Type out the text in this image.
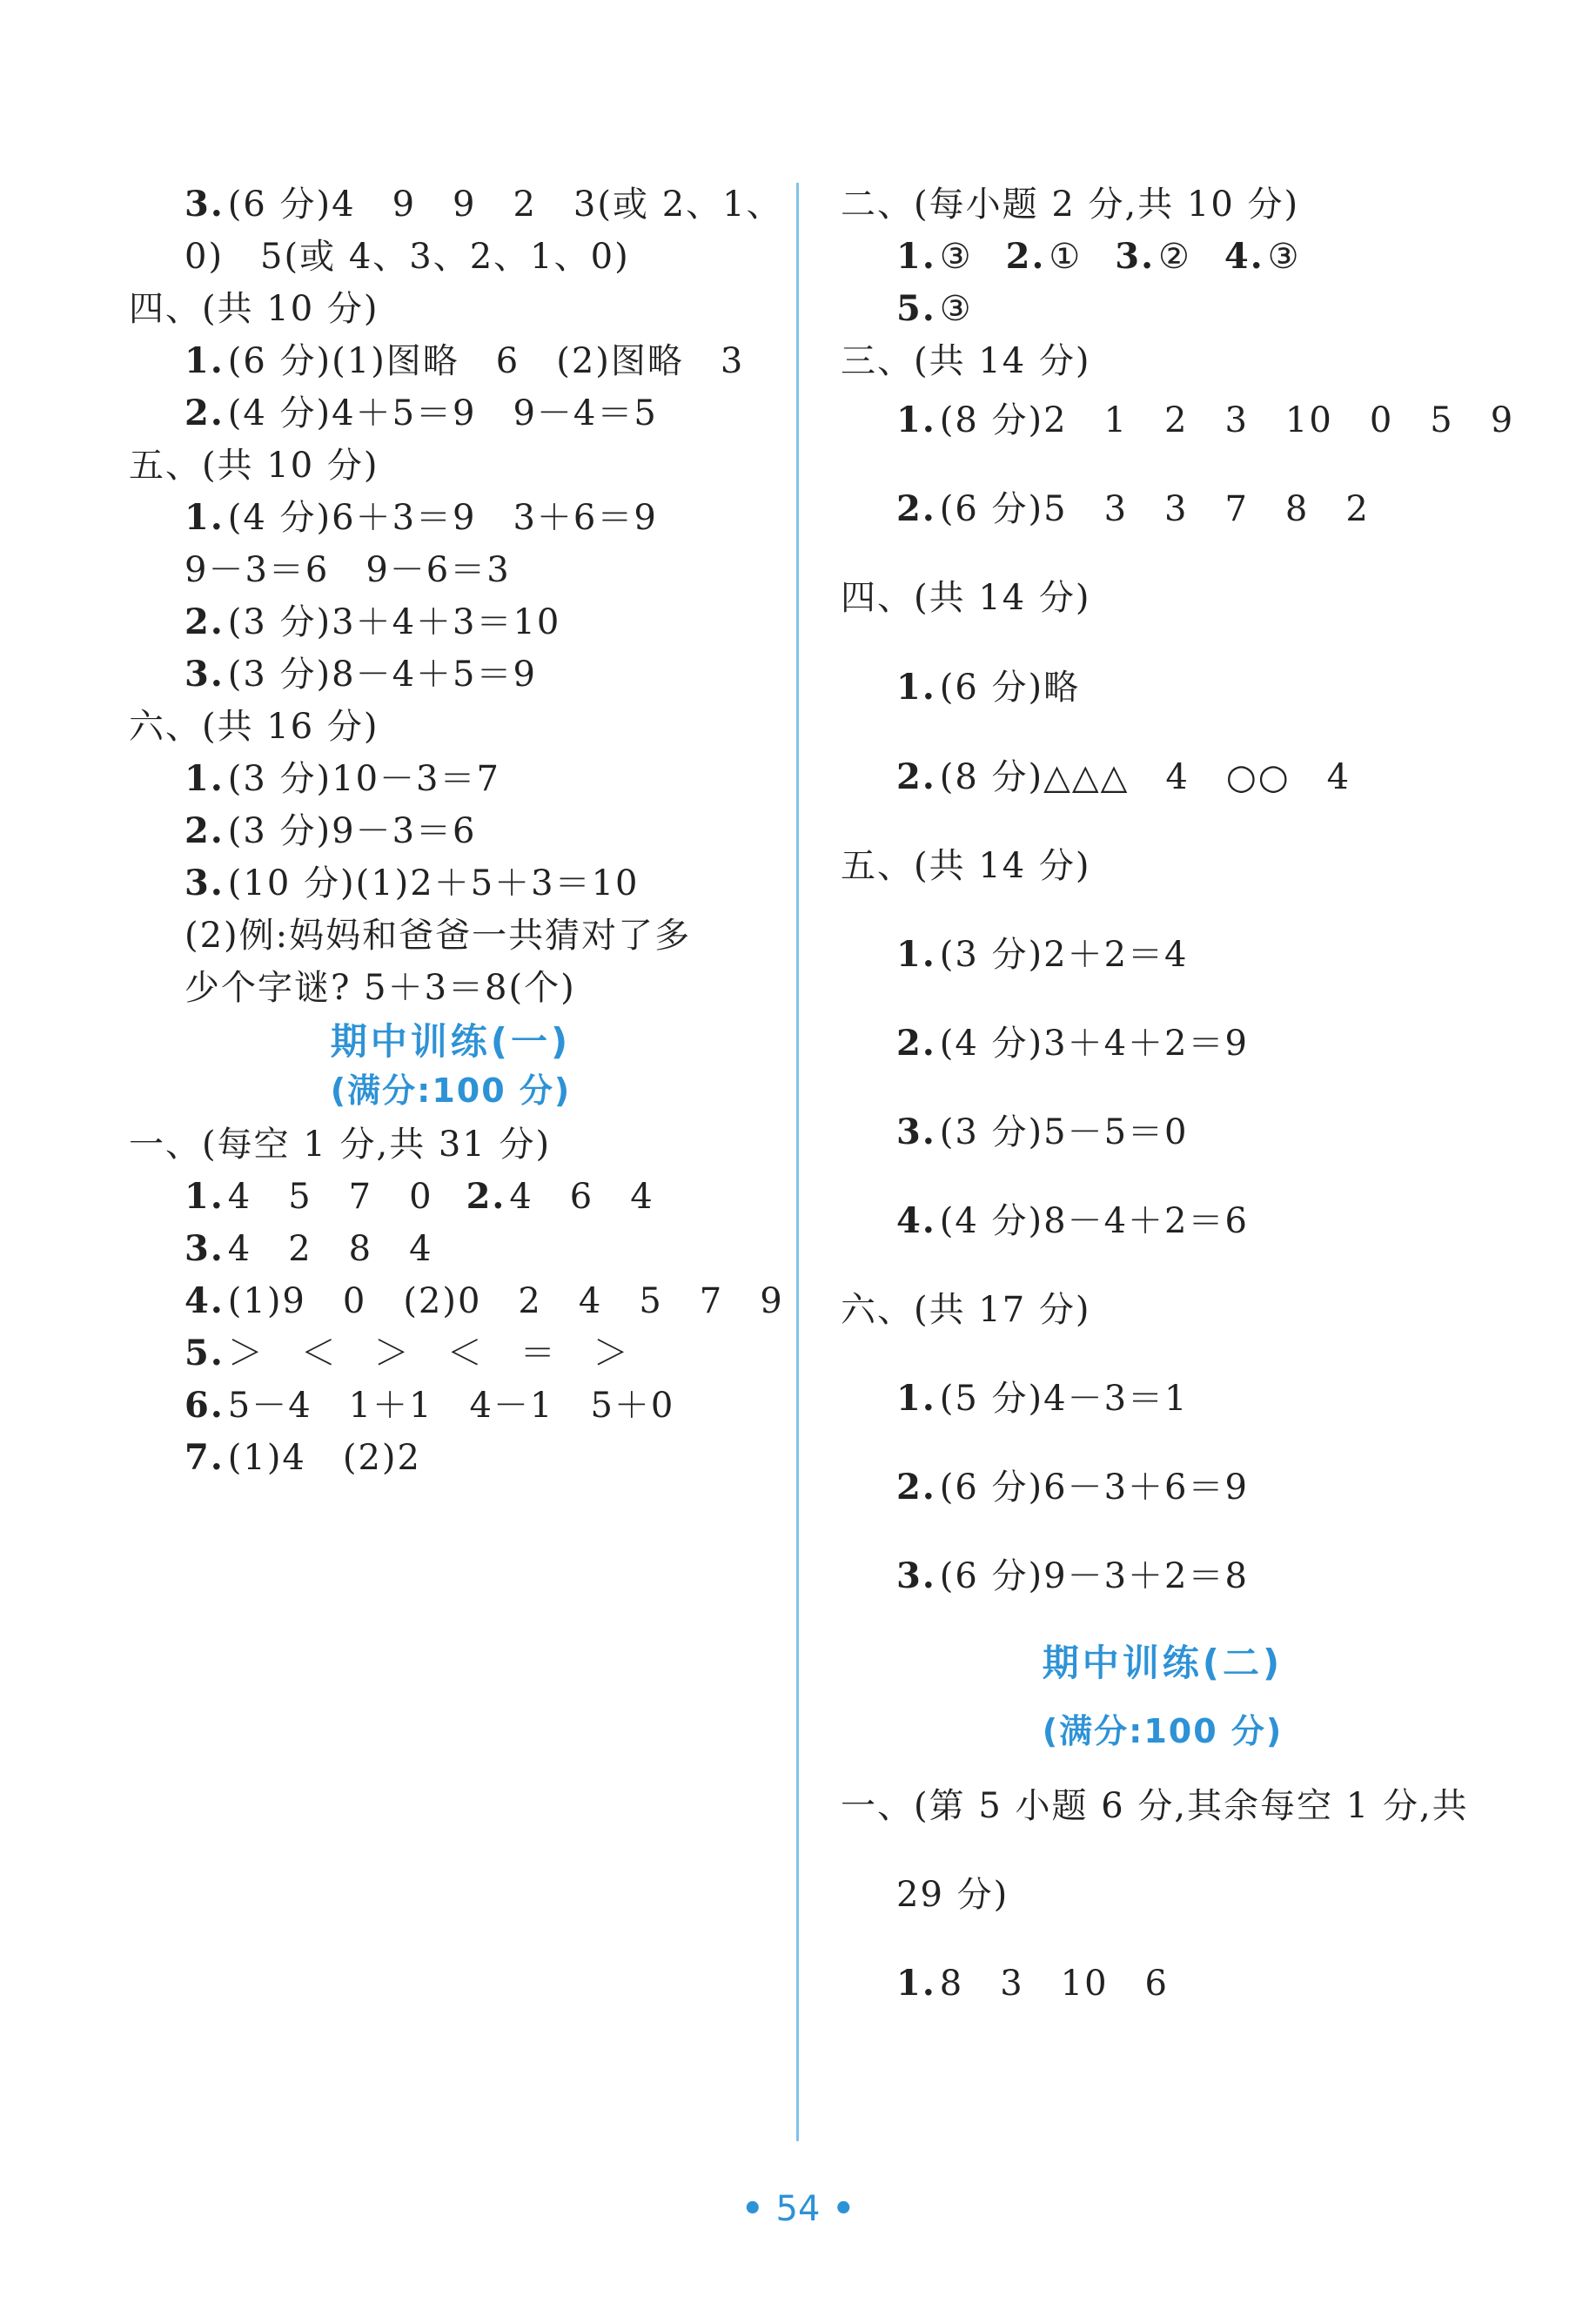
3. (6 分)4　9　9　2　3(或 2、1、
0)　5(或 4、3、2、1、0)
四、(共 10 分)
1. (6 分)(1)图略　6　(2)图略　3
2. (4 分)4＋5＝9　9－4＝5
五、(共 10 分)
1. (4 分)6＋3＝9　3＋6＝9
9－3＝6　9－6＝3
2. (3 分)3＋4＋3＝10
3. (3 分)8－4＋5＝9
六、(共 16 分)
1. (3 分)10－3＝7
2. (3 分)9－3＝6
3. (10 分)(1)2＋5＋3＝10
(2)例:妈妈和爸爸一共猜对了多
少个字谜? 5＋3＝8(个)
期中训练(一)
(满分:100 分)
一、(每空 1 分,共 31 分)
1. 4　5　7　0 2. 4　6　4
3. 4　2　8　4
4. (1)9　0　(2)0　2　4　5　7　9
5. ＞　＜　＞　＜　＝　＞
6. 5－4　1＋1　4－1　5＋0
7. (1)4　(2)2
二、(每小题 2 分,共 10 分)
1. ③ 2. ① 3. ② 4. ③
5. ③
三、(共 14 分)
1. (8 分)2　1　2　3　10　0　5　9
2. (6 分)5　3　3　7　8　2
四、(共 14 分)
1. (6 分)略
2. (8 分)△△△　4　○○　4
五、(共 14 分)
1. (3 分)2＋2＝4
2. (4 分)3＋4＋2＝9
3. (3 分)5－5＝0
4. (4 分)8－4＋2＝6
六、(共 17 分)
1. (5 分)4－3＝1
2. (6 分)6－3＋6＝9
3. (6 分)9－3＋2＝8
期中训练(二)
(满分:100 分)
一、(第 5 小题 6 分,其余每空 1 分,共
29 分)
1. 8　3　10　6
• 54 •
